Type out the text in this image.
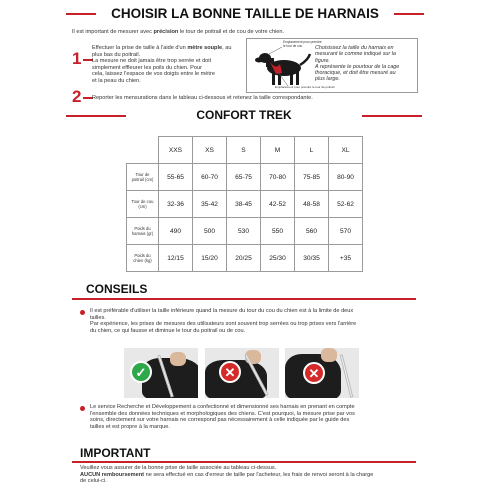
CHOISIR LA BONNE TAILLE DE HARNAIS
Il est important de mesurer avec précision le tour de poitrail et de cou de votre chien.
1
Effectuer la prise de taille à l'aide d'un mètre souple, au plus bas du poitrail.
La mesure ne doit jamais être trop serrée et doit
simplement effleurer les poils du chien. Pour
cela, laissez l'espace de vos doigts entre le mètre
et la peau du chien.
Emplacement pour prendre
le tour de cou
Emplacement pour prendre le tour de poitrail
Choisissez la taille du harnais en
mesurant le comme indiqué sur la
figure.
A représente le pourtour de la cage
thoracique, et doit être mesuré au
plus large.
2 Reporter les mensurations dans le tableau ci-dessous et retenez la taille correspondante.
CONFORT TREK
	XXS	XS	S	M	L	XL

Tour de
poitrail (cm)	55-65	60-70	65-75	70-80	75-85	80-90

Tour de cou
(cm)	32-36	35-42	38-45	42-52	48-58	52-62

Poids du
harnais (gr)	490	500	530	550	560	570

Poids du
chien (kg)	12/15	15/20	20/25	25/30	30/35	+35
CONSEILS
Il est préférable d'utiliser la taille inférieure quand la mesure du tour du cou du chien est à la limite de deux
tailles.
Par expérience, les prises de mesures des utilisateurs sont souvent trop serrées ou trop prises vers l'arrière
du chien, ce qui fausse et diminue le tour du poitrail ou de cou.
✓	✕	✕
Le service Recherche et Développement a confectionné et dimensionné ses harnais en prenant en compte
l'ensemble des données techniques et morphologiques des chiens. C'est pourquoi, la mesure prise par vos
soins, directement sur votre harnais ne correspond pas nécessairement à celle indiquée par le guide des
tailles et est propre à la marque.
IMPORTANT
Veuillez vous assurer de la bonne prise de taille associée au tableau ci-dessus.
AUCUN remboursement ne sera effectué en cas d'erreur de taille par l'acheteur, les frais de renvoi seront à la charge
de celui-ci.
